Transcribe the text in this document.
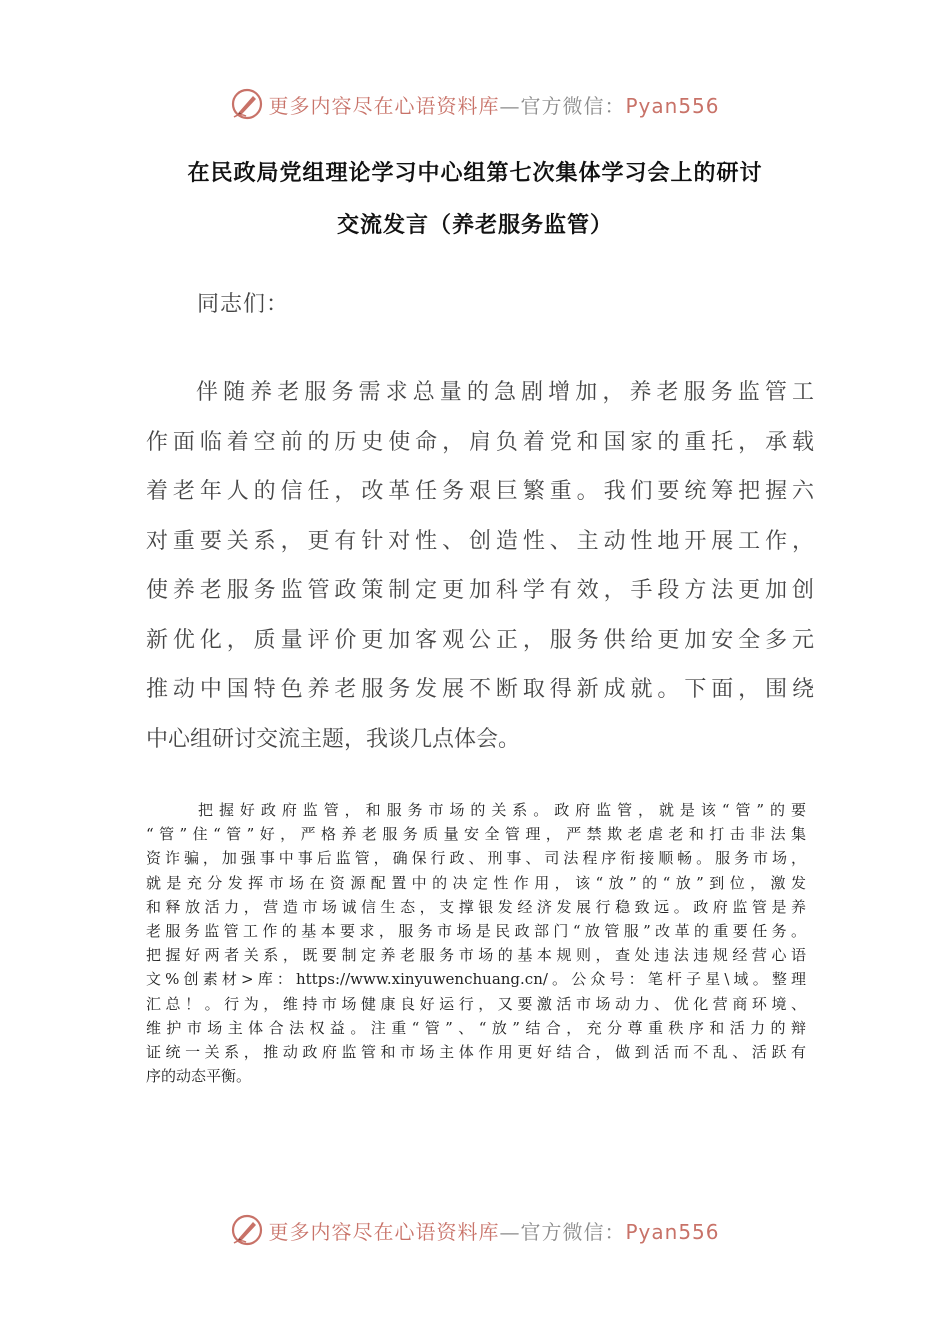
更多内容尽在心语资料库—官方微信：Pyan556
在民政局党组理论学习中心组第七次集体学习会上的研讨
交流发言（养老服务监管）
同志们：
伴随养老服务需求总量的急剧增加，养老服务监管工
作面临着空前的历史使命，肩负着党和国家的重托，承载
着老年人的信任，改革任务艰巨繁重。我们要统筹把握六
对重要关系，更有针对性、创造性、主动性地开展工作，
使养老服务监管政策制定更加科学有效，手段方法更加创
新优化，质量评价更加客观公正，服务供给更加安全多元
推动中国特色养老服务发展不断取得新成就。下面，围绕
中心组研讨交流主题，我谈几点体会。
把握好政府监管，和服务市场的关系。政府监管，就是该“管”的要
“管”住“管”好，严格养老服务质量安全管理，严禁欺老虐老和打击非法集
资诈骗，加强事中事后监管，确保行政、刑事、司法程序衔接顺畅。服务市场，
就是充分发挥市场在资源配置中的决定性作用，该“放”的“放”到位，激发
和释放活力，营造市场诚信生态，支撑银发经济发展行稳致远。政府监管是养
老服务监管工作的基本要求，服务市场是民政部门“放管服”改革的重要任务。
把握好两者关系，既要制定养老服务市场的基本规则，查处违法违规经营心语
文%创素材>库：https://www.xinyuwenchuang.cn/。公众号：笔杆子星\域。整理
汇总！。行为，维持市场健康良好运行，又要激活市场动力、优化营商环境、
维护市场主体合法权益。注重“管”、“放”结合，充分尊重秩序和活力的辩
证统一关系，推动政府监管和市场主体作用更好结合，做到活而不乱、活跃有
序的动态平衡。
更多内容尽在心语资料库—官方微信：Pyan556
